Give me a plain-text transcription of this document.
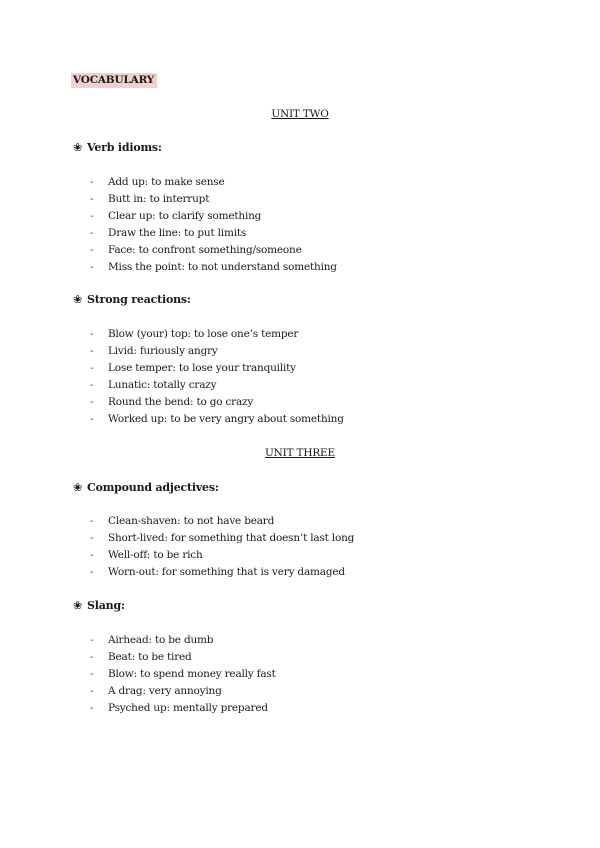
VOCABULARY
UNIT TWO
❀ Verb idioms:
- Add up: to make sense
- Butt in: to interrupt
- Clear up: to clarify something
- Draw the line: to put limits
- Face: to confront something/someone
- Miss the point: to not understand something
❀ Strong reactions:
- Blow (your) top: to lose one’s temper
- Livid: furiously angry
- Lose temper: to lose your tranquility
- Lunatic: totally crazy
- Round the bend: to go crazy
- Worked up: to be very angry about something
UNIT THREE
❀ Compound adjectives:
- Clean-shaven: to not have beard
- Short-lived: for something that doesn’t last long
- Well-off: to be rich
- Worn-out: for something that is very damaged
❀ Slang:
- Airhead: to be dumb
- Beat: to be tired
- Blow: to spend money really fast
- A drag: very annoying
- Psyched up: mentally prepared
